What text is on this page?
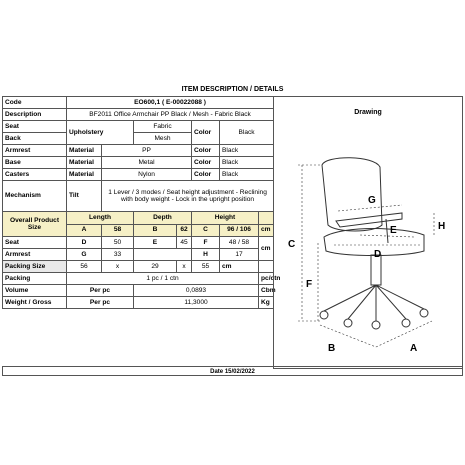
ITEM DESCRIPTION / DETAILS
Code	EO600,1 ( E-00022088 )						
Description	BF2011 Office Armchair PP Black / Mesh - Fabric Black						
Seat	Upholstery		Fabric		Color	Black	
Back			Mesh				
Armrest	Material	PP			Color	Black	
Base	Material	Metal			Color	Black	
Casters	Material	Nylon			Color	Black	
Mechanism	Tilt	1 Lever / 3 modes / Seat height adjustment - Reclining with body weight - Lock in the upright position					
Overall Product Size	Length		Depth		Height		
	A	58	B	62	C	96 / 106	cm
Seat	D	50	E	45	F	48 / 58	cm
Armrest	G	33			H	17	
Packing Size	56	x	29	x	55	cm	
Packing	1 pc / 1 ctn						pc/ctn
Volume	Per pc		0,0893				Cbm
Weight / Gross	Per pc		11,3000				Kg
Drawing
C
F
H
G
E
D
B	A
Date 15/02/2022
